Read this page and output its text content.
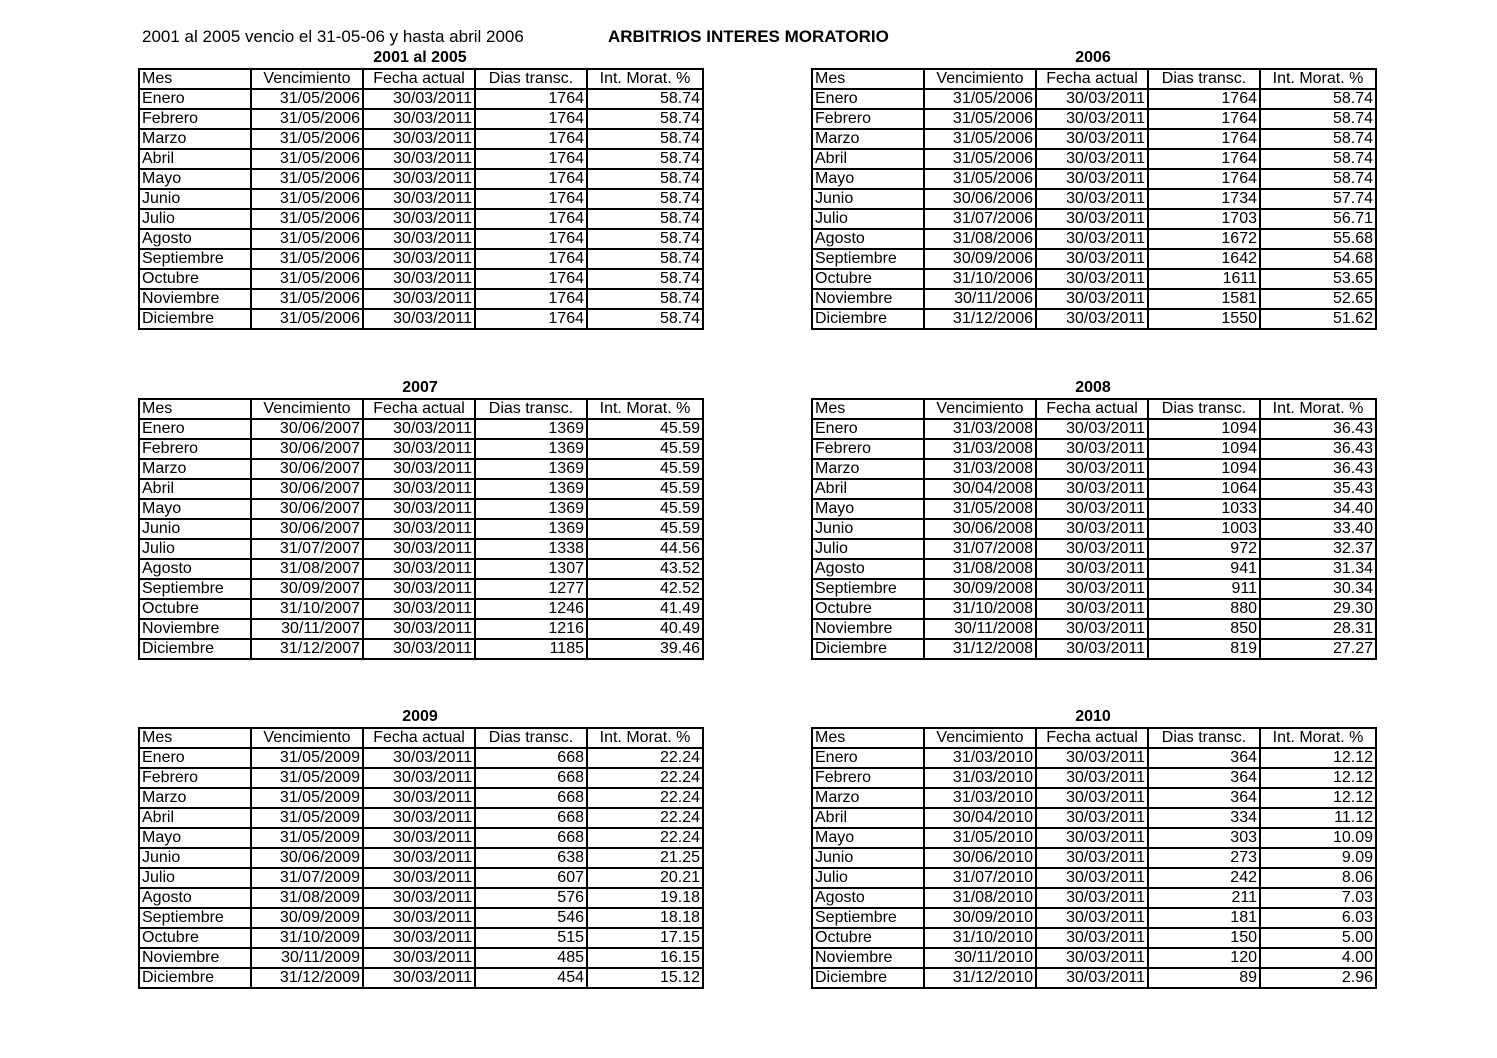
2001 al 2005 vencio el 31-05-06 y hasta abril 2006	ARBITRIOS INTERES MORATORIO
2001 al 2005
Mes	Vencimiento	Fecha actual	Dias transc.	Int. Morat. %
Enero	31/05/2006	30/03/2011	1764	58.74
Febrero	31/05/2006	30/03/2011	1764	58.74
Marzo	31/05/2006	30/03/2011	1764	58.74
Abril	31/05/2006	30/03/2011	1764	58.74
Mayo	31/05/2006	30/03/2011	1764	58.74
Junio	31/05/2006	30/03/2011	1764	58.74
Julio	31/05/2006	30/03/2011	1764	58.74
Agosto	31/05/2006	30/03/2011	1764	58.74
Septiembre	31/05/2006	30/03/2011	1764	58.74
Octubre	31/05/2006	30/03/2011	1764	58.74
Noviembre	31/05/2006	30/03/2011	1764	58.74
Diciembre	31/05/2006	30/03/2011	1764	58.74
2006
Mes	Vencimiento	Fecha actual	Dias transc.	Int. Morat. %
Enero	31/05/2006	30/03/2011	1764	58.74
Febrero	31/05/2006	30/03/2011	1764	58.74
Marzo	31/05/2006	30/03/2011	1764	58.74
Abril	31/05/2006	30/03/2011	1764	58.74
Mayo	31/05/2006	30/03/2011	1764	58.74
Junio	30/06/2006	30/03/2011	1734	57.74
Julio	31/07/2006	30/03/2011	1703	56.71
Agosto	31/08/2006	30/03/2011	1672	55.68
Septiembre	30/09/2006	30/03/2011	1642	54.68
Octubre	31/10/2006	30/03/2011	1611	53.65
Noviembre	30/11/2006	30/03/2011	1581	52.65
Diciembre	31/12/2006	30/03/2011	1550	51.62
2007
Mes	Vencimiento	Fecha actual	Dias transc.	Int. Morat. %
Enero	30/06/2007	30/03/2011	1369	45.59
Febrero	30/06/2007	30/03/2011	1369	45.59
Marzo	30/06/2007	30/03/2011	1369	45.59
Abril	30/06/2007	30/03/2011	1369	45.59
Mayo	30/06/2007	30/03/2011	1369	45.59
Junio	30/06/2007	30/03/2011	1369	45.59
Julio	31/07/2007	30/03/2011	1338	44.56
Agosto	31/08/2007	30/03/2011	1307	43.52
Septiembre	30/09/2007	30/03/2011	1277	42.52
Octubre	31/10/2007	30/03/2011	1246	41.49
Noviembre	30/11/2007	30/03/2011	1216	40.49
Diciembre	31/12/2007	30/03/2011	1185	39.46
2008
Mes	Vencimiento	Fecha actual	Dias transc.	Int. Morat. %
Enero	31/03/2008	30/03/2011	1094	36.43
Febrero	31/03/2008	30/03/2011	1094	36.43
Marzo	31/03/2008	30/03/2011	1094	36.43
Abril	30/04/2008	30/03/2011	1064	35.43
Mayo	31/05/2008	30/03/2011	1033	34.40
Junio	30/06/2008	30/03/2011	1003	33.40
Julio	31/07/2008	30/03/2011	972	32.37
Agosto	31/08/2008	30/03/2011	941	31.34
Septiembre	30/09/2008	30/03/2011	911	30.34
Octubre	31/10/2008	30/03/2011	880	29.30
Noviembre	30/11/2008	30/03/2011	850	28.31
Diciembre	31/12/2008	30/03/2011	819	27.27
2009
Mes	Vencimiento	Fecha actual	Dias transc.	Int. Morat. %
Enero	31/05/2009	30/03/2011	668	22.24
Febrero	31/05/2009	30/03/2011	668	22.24
Marzo	31/05/2009	30/03/2011	668	22.24
Abril	31/05/2009	30/03/2011	668	22.24
Mayo	31/05/2009	30/03/2011	668	22.24
Junio	30/06/2009	30/03/2011	638	21.25
Julio	31/07/2009	30/03/2011	607	20.21
Agosto	31/08/2009	30/03/2011	576	19.18
Septiembre	30/09/2009	30/03/2011	546	18.18
Octubre	31/10/2009	30/03/2011	515	17.15
Noviembre	30/11/2009	30/03/2011	485	16.15
Diciembre	31/12/2009	30/03/2011	454	15.12
2010
Mes	Vencimiento	Fecha actual	Dias transc.	Int. Morat. %
Enero	31/03/2010	30/03/2011	364	12.12
Febrero	31/03/2010	30/03/2011	364	12.12
Marzo	31/03/2010	30/03/2011	364	12.12
Abril	30/04/2010	30/03/2011	334	11.12
Mayo	31/05/2010	30/03/2011	303	10.09
Junio	30/06/2010	30/03/2011	273	9.09
Julio	31/07/2010	30/03/2011	242	8.06
Agosto	31/08/2010	30/03/2011	211	7.03
Septiembre	30/09/2010	30/03/2011	181	6.03
Octubre	31/10/2010	30/03/2011	150	5.00
Noviembre	30/11/2010	30/03/2011	120	4.00
Diciembre	31/12/2010	30/03/2011	89	2.96
